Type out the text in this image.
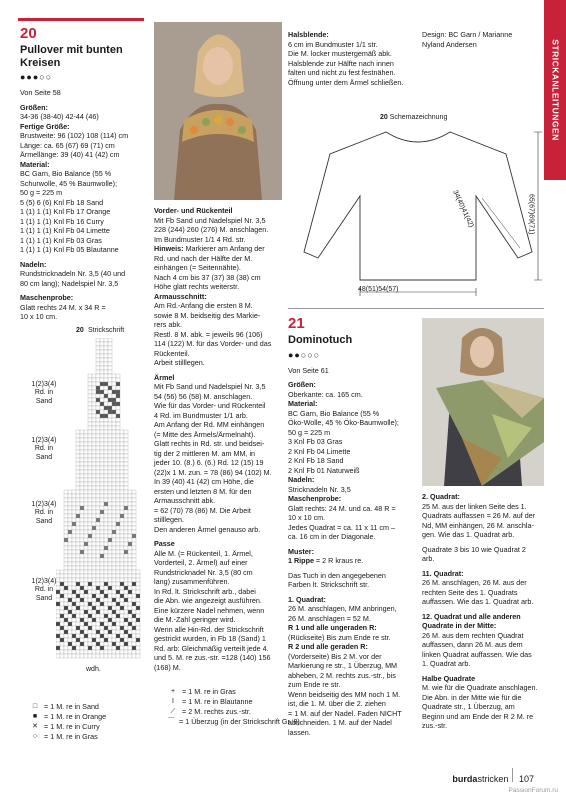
STRICKANLEITUNGEN
20
Pullover mit bunten Kreisen
●●●○○
Von Seite 58
Größen:
34-36 (38-40) 42-44 (46)
Fertige Größe:
Brustweite: 96 (102) 108 (114) cm
Länge: ca. 65 (67) 69 (71) cm
Ärmellänge: 39 (40) 41 (42) cm
Material:
BC Garn, Bio Balance (55 %
Schurwolle, 45 % Baumwolle);
50 g = 225 m
5 (5) 6 (6) Knl Fb 18 Sand
1 (1) 1 (1) Knl Fb 17 Orange
1 (1) 1 (1) Knl Fb 16 Curry
1 (1) 1 (1) Knl Fb 04 Limette
1 (1) 1 (1) Knl Fb 03 Gras
1 (1) 1 (1) Knl Fb 05 Blautanne
Nadeln:
Rundstricknadeln Nr. 3,5 (40 und
80 cm lang); Nadelspiel Nr. 3,5
Maschenprobe:
Glatt rechts 24 M. x 34 R =
10 x 10 cm.
20 Strickschrift
1(2)3(4)
Rd. in
Sand
1(2)3(4)
Rd. in
Sand
1(2)3(4)
Rd. in
Sand
1(2)3(4)
Rd. in
Sand
wdh.
□ = 1 M. re in Sand
■ = 1 M. re in Orange
✕ = 1 M. re in Curry
○ = 1 M. re in Gras
+ = 1 M. re in Gras
I	= 1 M. re in Blautanne
⟋ = 2 M. rechts zus.-str.
⌒ = 1 Überzug (in der Strickschrift Gr. 8)
Vorder- und Rückenteil
Mit Fb Sand und Nadelspiel Nr. 3,5
228 (244) 260 (276) M. anschlagen.
Im Bundmuster 1/1 4 Rd. str.
Hinweis: Markierer am Anfang der
Rd. und nach der Hälfte der M.
einhängen (= Seitennähte).
Nach 4 cm bis 37 (37) 38 (38) cm
Höhe glatt rechts weiterstr.
Armausschnitt:
Am Rd.-Anfang die ersten 8 M.
sowie 8 M. beidseitig des Markie-
rers abk.
Restl. 8 M. abk. = jeweils 96 (106)
114 (122) M. für das Vorder- und das
Rückenteil.
Arbeit stilllegen.
Ärmel
Mit Fb Sand und Nadelspiel Nr. 3,5
54 (56) 56 (58) M. anschlagen.
Wie für das Vorder- und Rückenteil
4 Rd. im Bundmuster 1/1 arb.
Am Anfang der Rd. MM einhängen
(= Mitte des Ärmels/Ärmelnaht).
Glatt rechts in Rd. str. und beidsei-
tig der 2 mittleren M. am MM, in
jeder 10. (8.) 6. (6.) Rd. 12 (15) 19
(22)x 1 M. zun. = 78 (86) 94 (102) M.
In 39 (40) 41 (42) cm Höhe, die
ersten und letzten 8 M. für den
Armausschnitt abk.
= 62 (70) 78 (86) M. Die Arbeit
stilllegen.
Den anderen Ärmel genauso arb.
Passe
Alle M. (= Rückenteil, 1. Ärmel,
Vorderteil, 2. Ärmel) auf einer
Rundstricknadel Nr. 3,5 (80 cm
lang) zusammenführen.
In Rd. lt. Strickschrift arb., dabei
die Abn. wie angezeigt ausführen.
Eine kürzere Nadel nehmen, wenn
die M.-Zahl geringer wird.
Wenn alle Hin-Rd. der Strickschrift
gestrickt wurden, in Fb 18 (Sand) 1
Rd. arb: Gleichmäßig verteilt jede 4.
und 5. M. re zus.-str. =128 (140) 156
(168) M.
Halsblende:
6 cm im Bundmuster 1/1 str.
Die M. locker mustergemäß abk.
Halsblende zur Hälfte nach innen
falten und nicht zu fest festnähen.
Öffnung unter dem Ärmel schließen.
Design: BC Garn / Marianne
Nyland Andersen
20 Schemazeichnung
48(51)54(57)
34(40)41(42)	65(67)69(71)
21
Dominotuch
●●○○○
Von Seite 61
Größen:
Oberkante: ca. 165 cm.
Material:
BC Garn, Bio Balance (55 %
Öko-Wolle, 45 % Öko-Baumwolle);
50 g = 225 m
3 Knl Fb 03 Gras
2 Knl Fb 04 Limette
2 Knl Fb 18 Sand
2 Knl Fb 01 Naturweiß
Nadeln:
Stricknadeln Nr. 3,5
Maschenprobe:
Glatt rechts: 24 M. und ca. 48 R =
10 x 10 cm.
Jedes Quadrat = ca. 11 x 11 cm –
ca. 16 cm in der Diagonale.
Muster:
1 Rippe = 2 R kraus re.
Das Tuch in den angegebenen
Farben lt. Strickschrift str.
1. Quadrat:
26 M. anschlagen, MM anbringen,
26 M. anschlagen = 52 M.
R 1 und alle ungeraden R:
(Rückseite) Bis zum Ende re str.
R 2 und alle geraden R:
(Vorderseite) Bis 2 M. vor der
Markierung re str., 1 Überzug, MM
abheben, 2 M. rechts zus.-str., bis
zum Ende re str.
Wenn beidseitig des MM noch 1 M.
ist, die 1. M. über die 2. ziehen
= 1 M. auf der Nadel. Faden NICHT
abschneiden. 1 M. auf der Nadel
lassen.
2. Quadrat:
25 M. aus der linken Seite des 1.
Quadrats auffassen = 26 M. auf der
Nd, MM einhängen, 26 M. anschla-
gen. Wie das 1. Quadrat arb.
Quadrate 3 bis 10 wie Quadrat 2
arb.
11. Quadrat:
26 M. anschlagen, 26 M. aus der
rechten Seite des 1. Quadrats
auffassen. Wie das 1. Quadrat arb.
12. Quadrat und alle anderen Quadrate in der Mitte:
26 M. aus dem rechten Quadrat
auffassen, dann 26 M. aus dem
linken Quadrat auffassen. Wie das
1. Quadrat arb.
Halbe Quadrate
M. wie für die Quadrate anschlagen.
Die Abn. in der Mitte wie für die
Quadrate str., 1 Überzug, am
Beginn und am Ende der R 2 M. re
zus.-str.
burdastricken 107
PassionForum.ru
